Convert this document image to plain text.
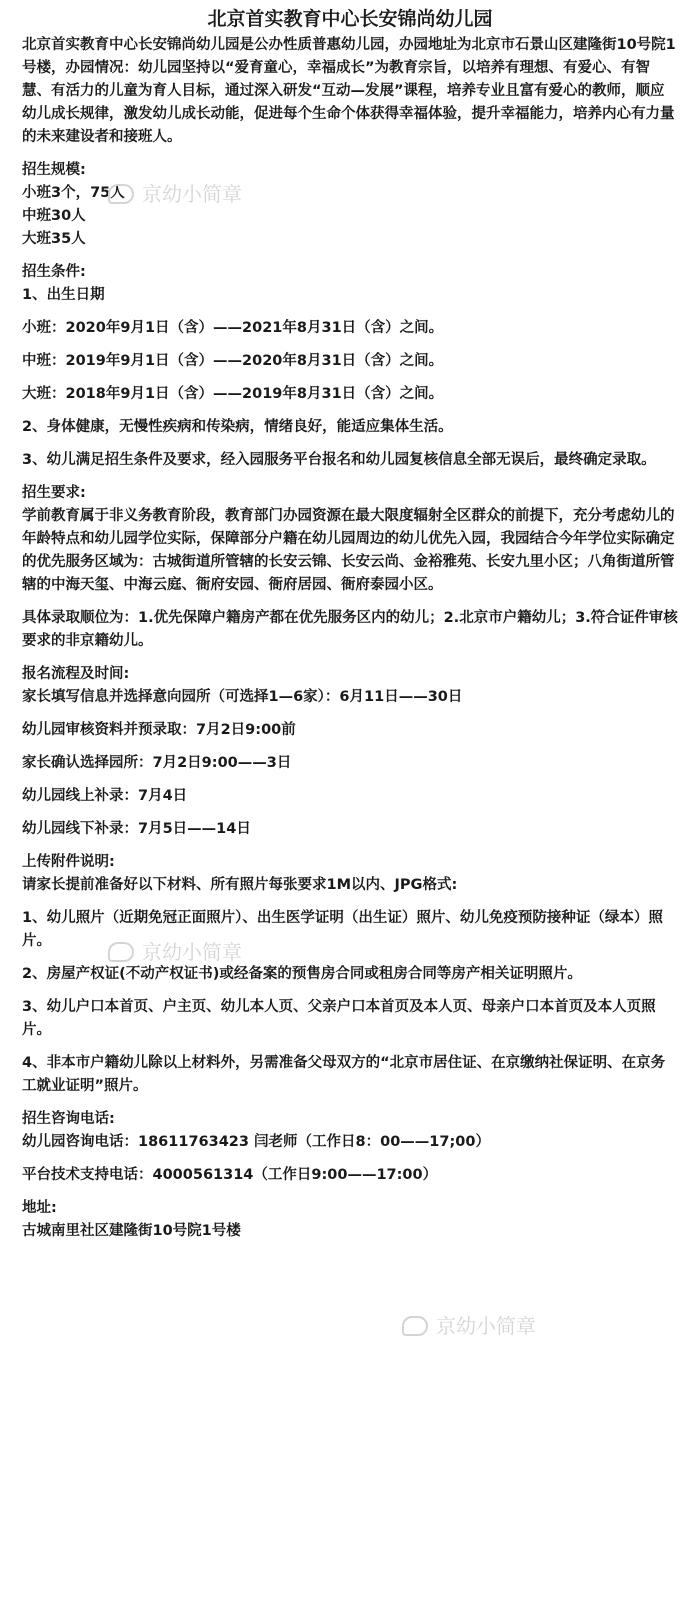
北京首实教育中心长安锦尚幼儿园

北京首实教育中心长安锦尚幼儿园是公办性质普惠幼儿园，办园地址为北京市石景山区建隆街10号院1号楼，办园情况：幼儿园坚持以“爱育童心，幸福成长”为教育宗旨，以培养有理想、有爱心、有智慧、有活力的儿童为育人目标，通过深入研发“互动—发展”课程，培养专业且富有爱心的教师，顺应幼儿成长规律，激发幼儿成长动能，促进每个生命个体获得幸福体验，提升幸福能力，培养内心有力量的未来建设者和接班人。

招生规模:

小班3个，75人

中班30人

大班35人

招生条件:

1、出生日期

小班：2020年9月1日（含）——2021年8月31日（含）之间。

中班：2019年9月1日（含）——2020年8月31日（含）之间。

大班：2018年9月1日（含）——2019年8月31日（含）之间。

2、身体健康，无慢性疾病和传染病，情绪良好，能适应集体生活。

3、幼儿满足招生条件及要求，经入园服务平台报名和幼儿园复核信息全部无误后，最终确定录取。

招生要求:

学前教育属于非义务教育阶段，教育部门办园资源在最大限度辐射全区群众的前提下，充分考虑幼儿的年龄特点和幼儿园学位实际，保障部分户籍在幼儿园周边的幼儿优先入园，我园结合今年学位实际确定的优先服务区域为：古城街道所管辖的长安云锦、长安云尚、金裕雅苑、长安九里小区；八角街道所管辖的中海天玺、中海云庭、衙府安园、衙府居园、衙府泰园小区。

具体录取顺位为：1.优先保障户籍房产都在优先服务区内的幼儿；2.北京市户籍幼儿；3.符合证件审核要求的非京籍幼儿。

报名流程及时间:

家长填写信息并选择意向园所（可选择1—6家）：6月11日——30日

幼儿园审核资料并预录取：7月2日9:00前

家长确认选择园所：7月2日9:00——3日

幼儿园线上补录：7月4日

幼儿园线下补录：7月5日——14日

上传附件说明:

请家长提前准备好以下材料、所有照片每张要求1M以内、JPG格式:

1、幼儿照片（近期免冠正面照片）、出生医学证明（出生证）照片、幼儿免疫预防接种证（绿本）照片。

2、房屋产权证(不动产权证书)或经备案的预售房合同或租房合同等房产相关证明照片。

3、幼儿户口本首页、户主页、幼儿本人页、父亲户口本首页及本人页、母亲户口本首页及本人页照片。

4、非本市户籍幼儿除以上材料外，另需准备父母双方的“北京市居住证、在京缴纳社保证明、在京务工就业证明”照片。

招生咨询电话:

幼儿园咨询电话：18611763423 闫老师（工作日8：00——17;00）

平台技术支持电话：4000561314（工作日9:00——17:00）

地址:

古城南里社区建隆街10号院1号楼

京幼小简章
京幼小简章
京幼小简章
